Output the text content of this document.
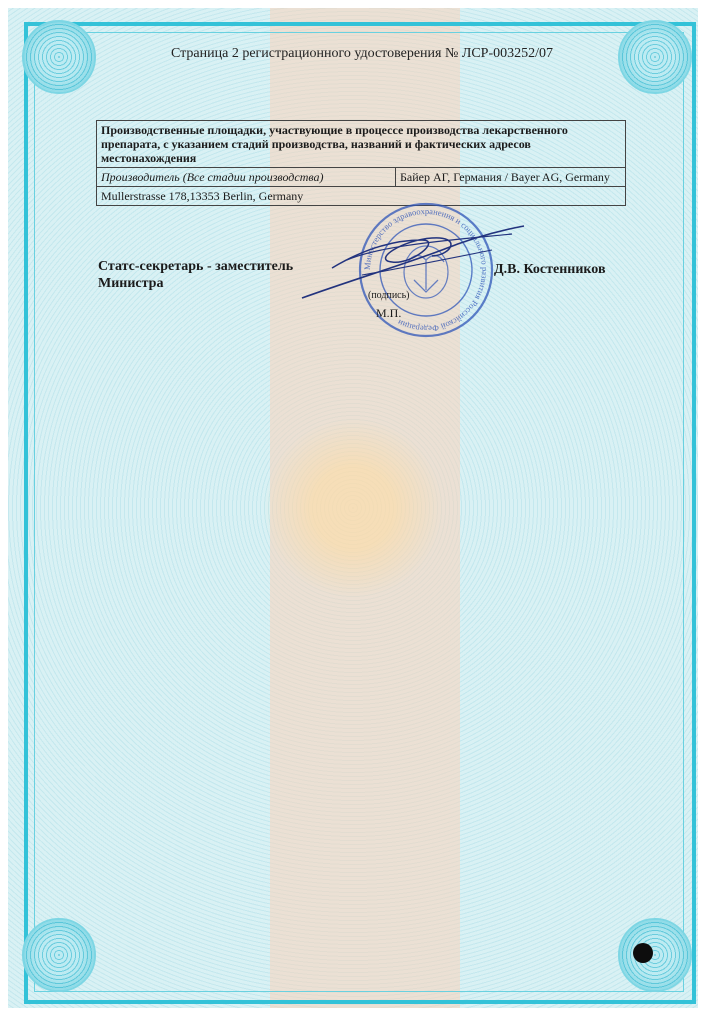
Страница 2 регистрационного удостоверения № ЛСР-003252/07
Производственные площадки, участвующие в процессе производства лекарственного препарата, с указанием стадий производства, названий и фактических адресов местонахождения
Производитель (Все стадии производства)	Байер АГ, Германия / Bayer AG, Germany
Mullerstrasse 178,13353 Berlin, Germany
Министерство здравоохранения и социального развития Российской Федерации
Статс-секретарь - заместитель Министра
Д.В. Костенников
(подпись)
М.П.
